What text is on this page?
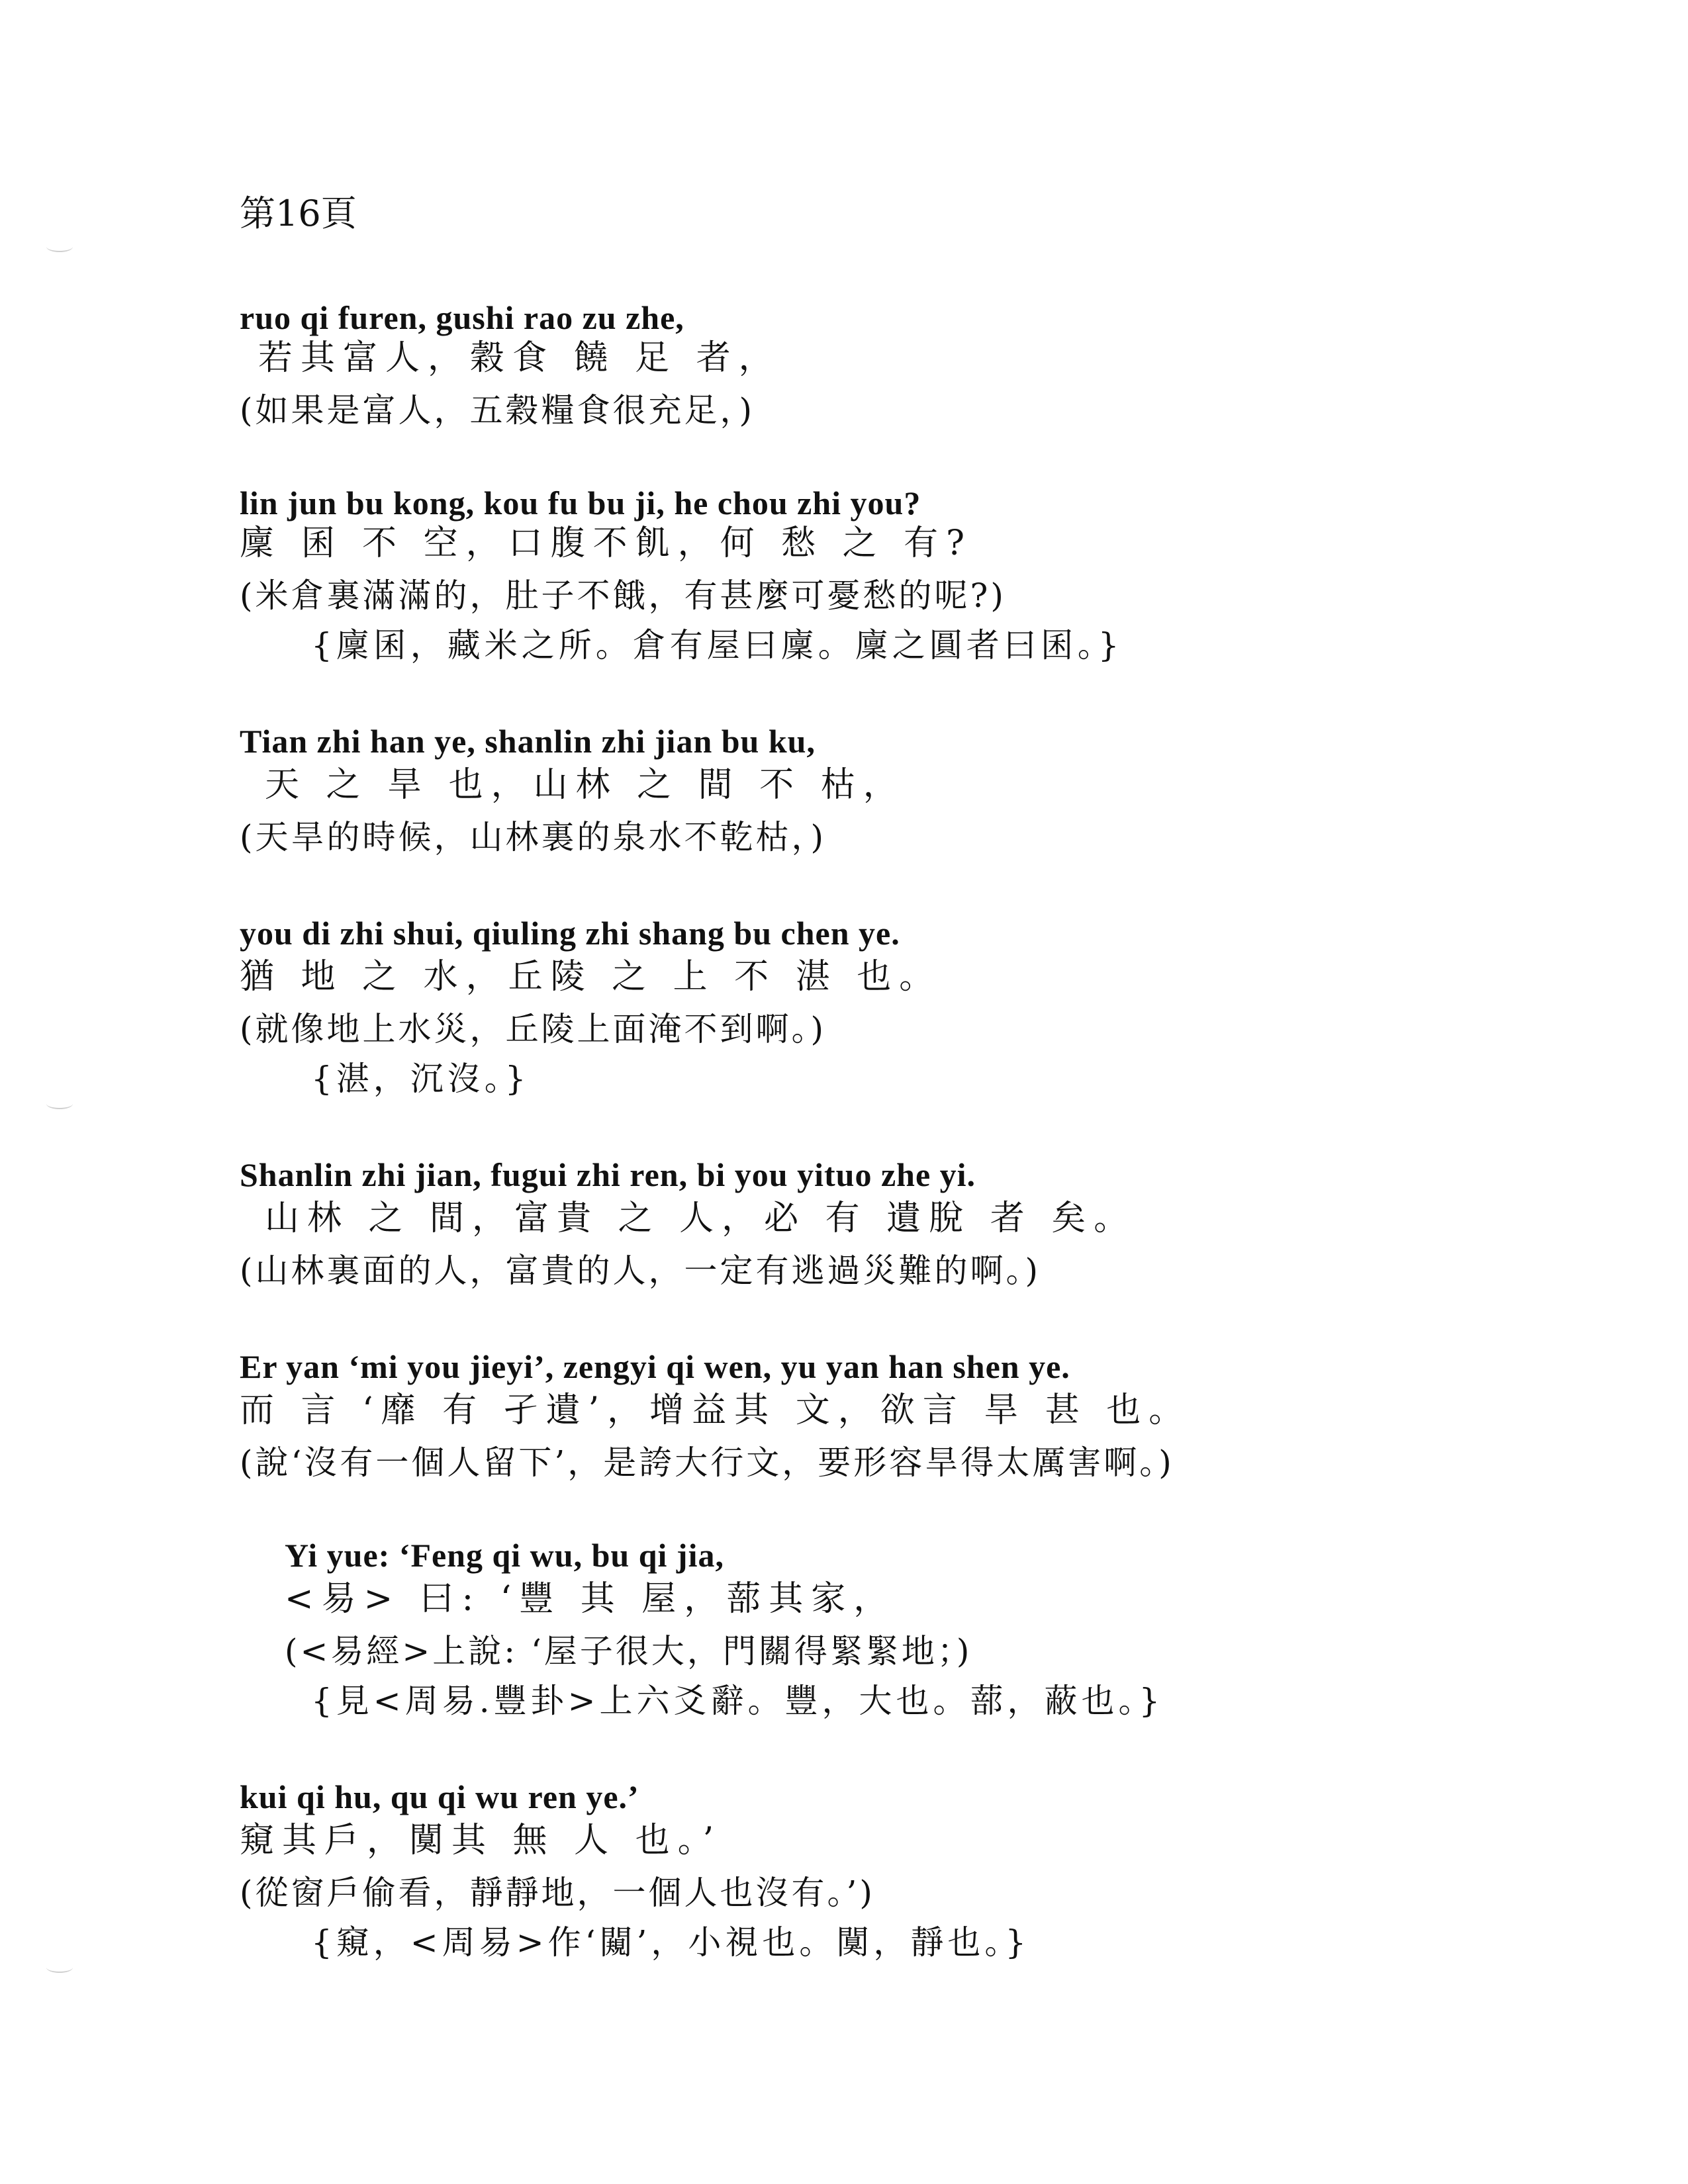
第16頁
ruo qi furen, gushi rao zu zhe,
若其富人，穀食 饒 足 者，
(如果是富人，五穀糧食很充足，)
lin jun bu kong, kou fu bu ji, he chou zhi you?
廩 囷 不 空，口腹不飢，何 愁 之 有?
(米倉裏滿滿的，肚子不餓，有甚麼可憂愁的呢?)
{廩囷，藏米之所。倉有屋曰廩。廩之圓者曰囷。}
Tian zhi han ye, shanlin zhi jian bu ku,
天 之 旱 也，山林 之 間 不 枯，
(天旱的時候，山林裏的泉水不乾枯，)
you di zhi shui, qiuling zhi shang bu chen ye.
猶 地 之 水，丘陵 之 上 不 湛 也。
(就像地上水災，丘陵上面淹不到啊。)
{湛，沉沒。}
Shanlin zhi jian, fugui zhi ren, bi you yituo zhe yi.
山林 之 間，富貴 之 人，必 有 遺脫 者 矣。
(山林裏面的人，富貴的人，一定有逃過災難的啊。)
Er yan ‘mi you jieyi’, zengyi qi wen, yu yan han shen ye.
而 言 ‘靡 有 孑遺’，增益其 文，欲言 旱 甚 也。
(說‘沒有一個人留下’，是誇大行文，要形容旱得太厲害啊。)
Yi yue: ‘Feng qi wu, bu qi jia,
<易> 曰: ‘豐 其 屋，蔀其家，
(<易經>上說: ‘屋子很大，門關得緊緊地；)
{見<周易.豐卦>上六爻辭。豐，大也。蔀，蔽也。}
kui qi hu, qu qi wu ren ye.’
窺其戶，闃其 無 人 也。’
(從窗戶偷看，靜靜地，一個人也沒有。’)
{窺，<周易>作‘闚’，小視也。闃，靜也。}
